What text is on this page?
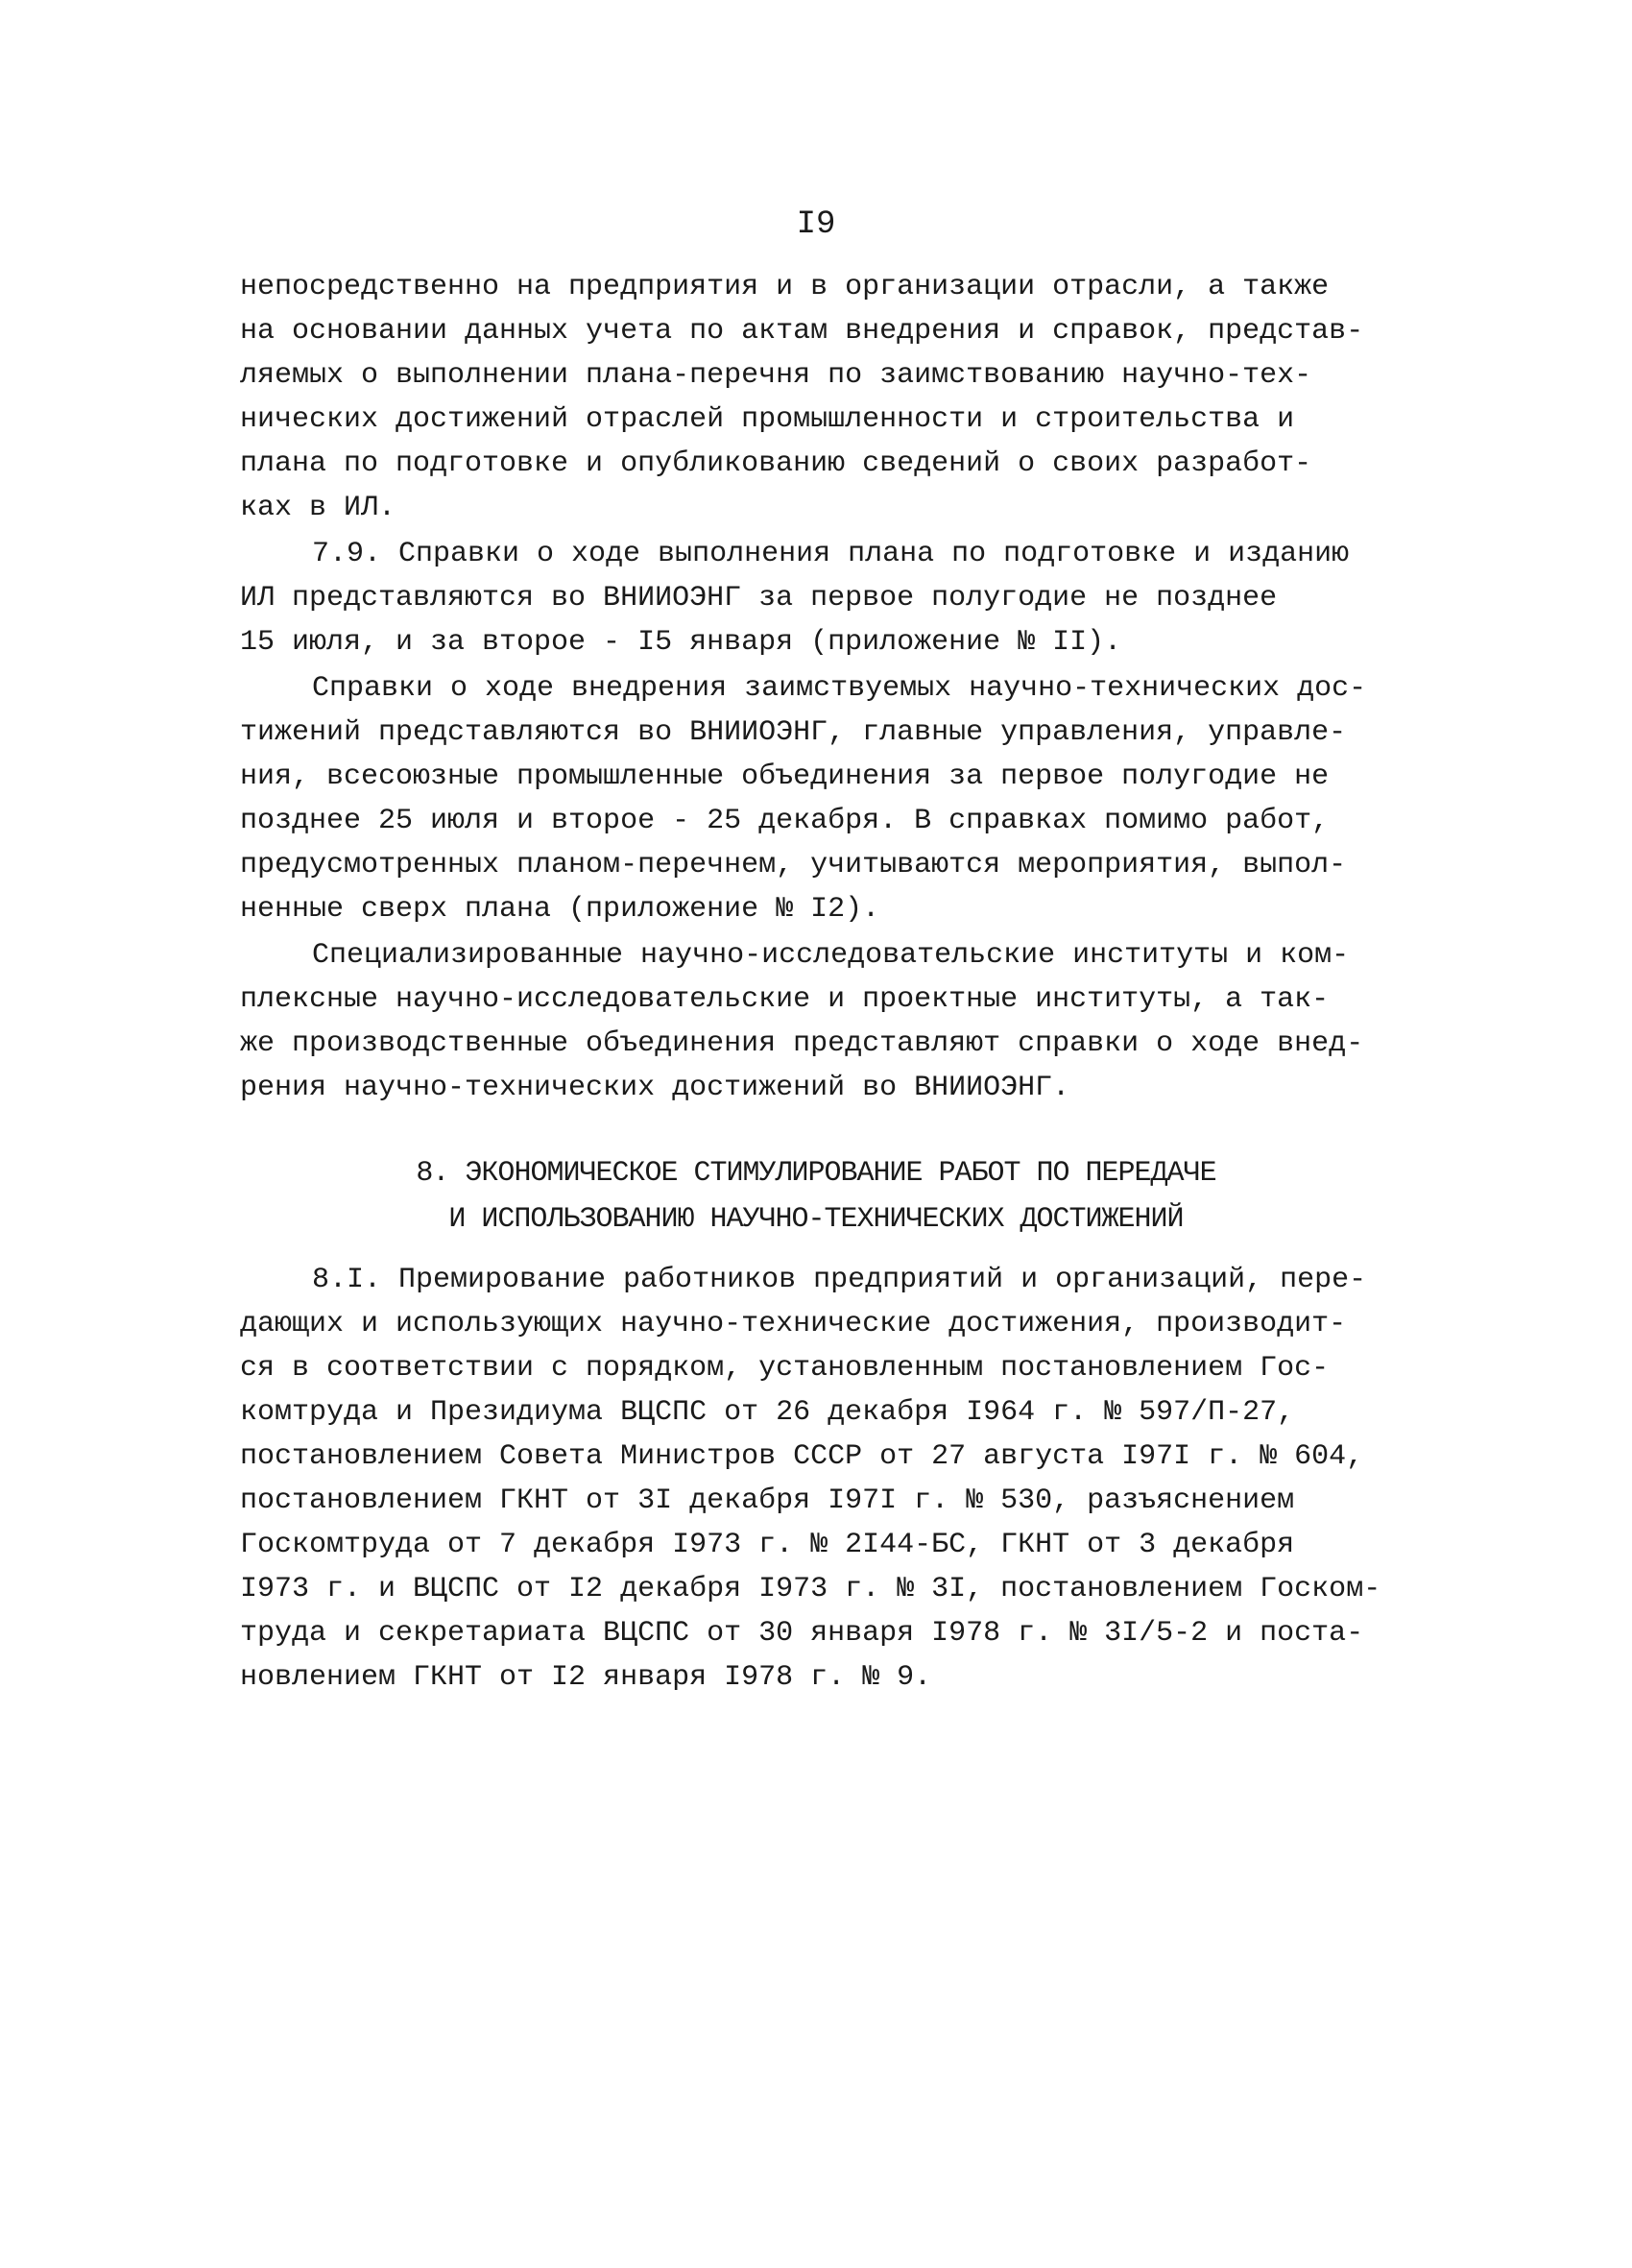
I9
непосредственно на предприятия и в организации отрасли, а также
на основании данных учета по актам внедрения и справок, представ-
ляемых о выполнении плана-перечня по заимствованию научно-тех-
нических достижений отраслей промышленности и строительства и
плана по подготовке и опубликованию сведений о своих разработ-
ках в ИЛ.
7.9. Справки о ходе выполнения плана по подготовке и изданию
ИЛ представляются во ВНИИОЭНГ за первое полугодие не позднее
15 июля, и за второе - I5 января (приложение № II).
Справки о ходе внедрения заимствуемых научно-технических дос-
тижений представляются во ВНИИОЭНГ, главные управления, управле-
ния, всесоюзные промышленные объединения за первое полугодие не
позднее 25 июля и второе - 25 декабря. В справках помимо работ,
предусмотренных планом-перечнем, учитываются мероприятия, выпол-
ненные сверх плана (приложение № I2).
Специализированные научно-исследовательские институты и ком-
плексные научно-исследовательские и проектные институты, а так-
же производственные объединения представляют справки о ходе внед-
рения научно-технических достижений во ВНИИОЭНГ.
8. ЭКОНОМИЧЕСКОЕ СТИМУЛИРОВАНИЕ РАБОТ ПО ПЕРЕДАЧЕ
И ИСПОЛЬЗОВАНИЮ НАУЧНО-ТЕХНИЧЕСКИХ ДОСТИЖЕНИЙ
8.I. Премирование работников предприятий и организаций, пере-
дающих и использующих научно-технические достижения, производит-
ся в соответствии с порядком, установленным постановлением Гос-
комтруда и Президиума ВЦСПС от 26 декабря I964 г. № 597/П-27,
постановлением Совета Министров СССР от 27 августа I97I г. № 604,
постановлением ГКНТ от 3I декабря I97I г. № 530, разъяснением
Госкомтруда от 7 декабря I973 г. № 2I44-БС, ГКНТ от 3 декабря
I973 г. и ВЦСПС от I2 декабря I973 г. № 3I, постановлением Госком-
труда и секретариата ВЦСПС от 30 января I978 г. № 3I/5-2 и поста-
новлением ГКНТ от I2 января I978 г. № 9.
